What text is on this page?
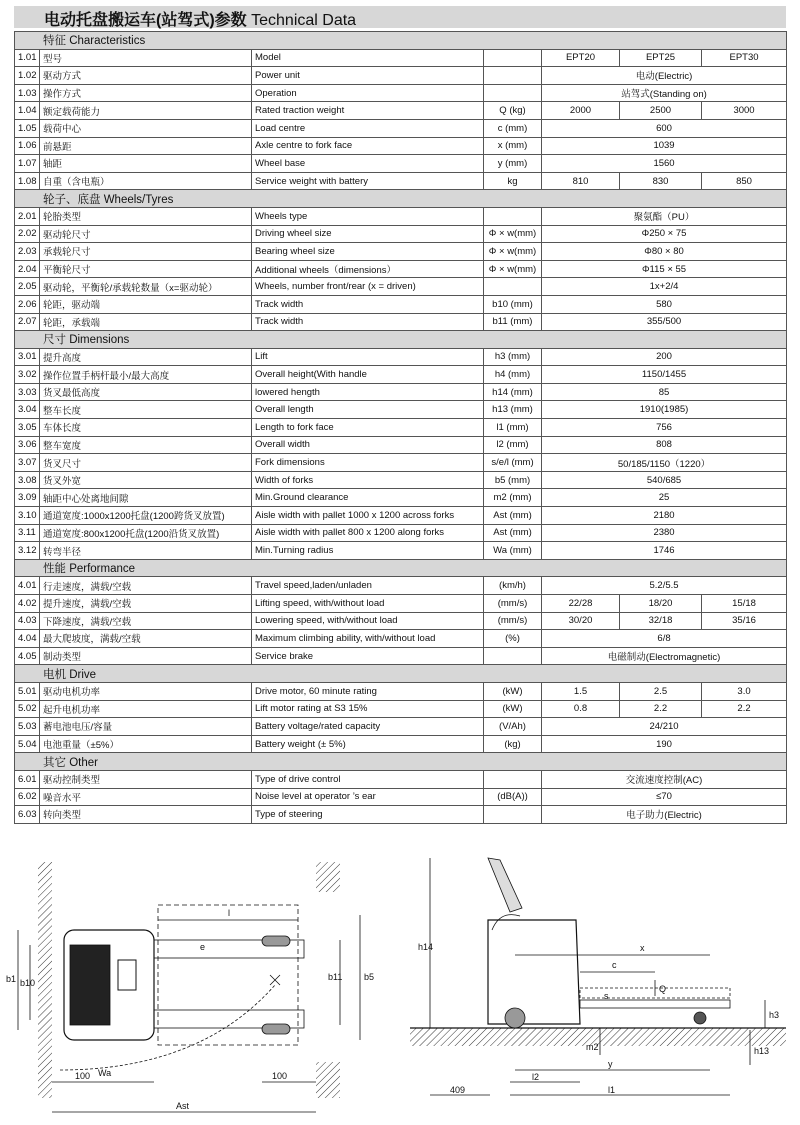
电动托盘搬运车(站驾式)参数 Technical Data
特征 Characteristics						
1.01	型号	Model		EPT20	EPT25	EPT30
1.02	驱动方式	Power unit		电动(Electric)		
1.03	操作方式	Operation		站驾式(Standing on)		
1.04	额定载荷能力	Rated traction weight	Q (kg)	2000	2500	3000
1.05	载荷中心	Load centre	c (mm)	600		
1.06	前悬距	Axle centre to fork face	x (mm)	1039		
1.07	轴距	Wheel base	y (mm)	1560		
1.08	自重（含电瓶）	Service weight with battery	kg	810	830	850
轮子、底盘 Wheels/Tyres						
2.01	轮胎类型	Wheels type		聚氨酯（PU）		
2.02	驱动轮尺寸	Driving wheel size	Φ × w(mm)	Φ250 × 75		
2.03	承载轮尺寸	Bearing wheel size	Φ × w(mm)	Φ80 × 80		
2.04	平衡轮尺寸	Additional wheels（dimensions）	Φ × w(mm)	Φ115 × 55		
2.05	驱动轮，平衡轮/承载轮数量（x=驱动轮）	Wheels, number front/rear (x = driven)		1x+2/4		
2.06	轮距，驱动端	Track width	b10 (mm)	580		
2.07	轮距，承载端	Track width	b11 (mm)	355/500		
尺寸 Dimensions						
3.01	提升高度	Lift	h3 (mm)	200		
3.02	操作位置手柄杆最小/最大高度	Overall height(With handle	h4 (mm)	1150/1455		
3.03	货叉最低高度	lowered hength	h14 (mm)	85		
3.04	整车长度	Overall length	h13 (mm)	1910(1985)		
3.05	车体长度	Length to fork face	l1 (mm)	756		
3.06	整车宽度	Overall width	l2 (mm)	808		
3.07	货叉尺寸	Fork dimensions	s/e/l (mm)	50/185/1150（1220）		
3.08	货叉外宽	Width of forks	b5 (mm)	540/685		
3.09	轴距中心处离地间隙	Min.Ground clearance	m2 (mm)	25		
3.10	通道宽度:1000x1200托盘(1200跨货叉放置)	Aisle width with pallet 1000 x 1200 across forks	Ast (mm)	2180		
3.11	通道宽度:800x1200托盘(1200沿货叉放置)	Aisle width with pallet 800 x 1200 along forks	Ast (mm)	2380		
3.12	转弯半径	Min.Turning radius	Wa (mm)	1746		
性能 Performance						
4.01	行走速度，满载/空载	Travel speed,laden/unladen	(km/h)	5.2/5.5		
4.02	提升速度，满载/空载	Lifting speed, with/without load	(mm/s)	22/28	18/20	15/18
4.03	下降速度，满载/空载	Lowering speed, with/without load	(mm/s)	30/20	32/18	35/16
4.04	最大爬坡度，满载/空载	Maximum climbing ability, with/without load	(%)	6/8		
4.05	制动类型	Service brake		电磁制动(Electromagnetic)		
电机 Drive						
5.01	驱动电机功率	Drive motor, 60 minute rating	(kW)	1.5	2.5	3.0
5.02	起升电机功率	Lift motor rating at S3 15%	(kW)	0.8	2.2	2.2
5.03	蓄电池电压/容量	Battery voltage/rated capacity	(V/Ah)	24/210		
5.04	电池重量（±5%）	Battery weight (± 5%)	(kg)	190		
其它 Other						
6.01	驱动控制类型	Type of drive control		交流速度控制(AC)		
6.02	噪音水平	Noise level at operator ’s ear	(dB(A))	≤70		
6.03	转向类型	Type of steering		电子助力(Electric)		
l
e
b1 b10
b11 b5
Wa
100	100
Ast
h14	x
c
Q
s
h3
h13
m2
y
l2
l1
409
